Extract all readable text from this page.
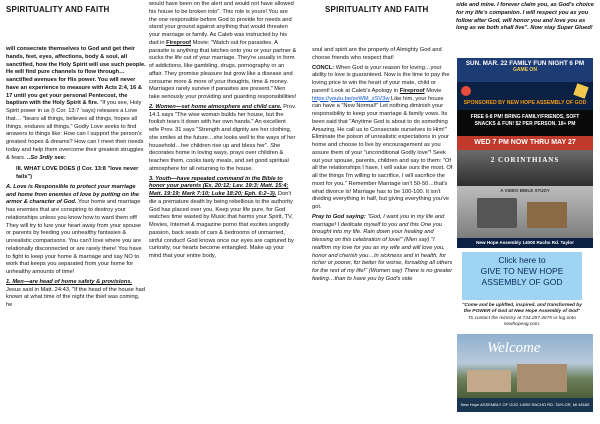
SPIRITUALITY AND FAITH	SPIRITUALITY AND FAITH

will consecrate themselves to God and get their hands, feet, eyes, affections, body & soul, all sanctified, how the Holy Spirit will use such people. He will find pure channels to flow through… sanctified avenues for His power. You will never have an experience to measure with Acts 2:4, 16 & 17 until you get your personal Pentecost, the baptism with the Holy Spirit & fire. "If you see, Holy Spirit power in us (I Cor. 13:7 'says) releases a Love that… "bears all things, believes all things, hopes all things, endures all things." Godly Love seeks to find answers to things like: How can I support the person's greatest hopes & dreams? How can I meet their needs today and help them overcome their greatest struggles & fears. ..So 3rdly see:

III. WHAT LOVE DOES (I Cor. 13:8 "love never fails")

A. Love is Responsible to protect your marriage and home from enemies of love by putting on the armor & character of God. Your home and marriage has enemies that are conspiring to destroy your relationships unless you know how to ward them off! They will try to lure your heart away from your spouse or parents by feeding you unhealthy fantasies & unrealistic comparisons. You can't love where you are relationally disconnected or are rarely there! You have to fight to keep your home & marriage and say NO to work that keeps you separated from your home for unhealthy amounts of time!

1. Men—are head of home safety & provisions. Jesus said in Matt. 24:43, "If the head of the house had known at what time of the night the thief was coming, he

would have been on the alert and would not have allowed his house to be broken into". This role is yours! You are the one responsible before God to provide for needs and stand your ground against anything that would threaten your marriage or family. As Caleb was instructed by his dad in Fireproof Movie: "Watch out for parasites. A parasite is anything that latches onto you or your partner & sucks the life out of your marriage. They're usually in form of addictions, like gambling, drugs, pornography or an affair. They promise pleasure but grow like a disease and consume more & more of your thoughts, time & money. Marriages rarely survive if parasites are present." Men take seriously your providing and guarding responsibilities!

2. Women—set home atmosphere and child care. Prov. 14:1 says "The wise woman builds her house, but the foolish tears it down with her own hands." An excellent wife Prov. 31 says "Strength and dignity are her clothing, she smiles at the future…she looks well to the ways of her household…her children rise up and bless her". She decorates home in loving ways, prays over children & teaches them, cooks tasty meals, and set good spiritual atmosphere for all returning to the house.

3. Youth—have repeated command in the Bible to honor your parents (Ex. 20:12; Lev. 19:3; Matt. 15:4; Matt. 19:19; Mark 7:10; Luke 18:20; Eph. 6:2–3). Don't die a premature death by being rebellious to the authority God has placed over you. Keep your life pure, for God watches time wasted by Music that harms your Spirit, TV, Movies, Internet & magazine porno that excites ungodly passion, back seats of cars & bedrooms of unmarried, sinful conduct! God knows once our eyes are captured by curiosity, our hearts become entangled. Make up your mind that your entire body,

soul and spirit are the property of Almighty God and choose friends who respect that!

CONCL: When God is your reason for loving…your ability to love is guaranteed. Now is the time to pay the loving price to win the heart of your mate, child or parent! Look at Caleb's Apology in Fireproof Movie https://youtu.be/pvWM_zSV3w Like him, your house can have a "New Normal!" Let nothing diminish your responsibility to keep your marriage & family vows. Its been said that "Anytime God is about to do something Amazing, He call us to Consecrate ourselves to Him!" Eliminate the poison of unrealistic expectations in your home and choose to live by encouragement as you assure them of your "unconditional Godly love"! Seek out your spouse, parents, children and say to them: "Of all the relationships I have, I will value ours the most. Of all the things I'm willing to sacrifice, I will sacrifice the most for you." Remember Marriage isn't 50-50…that's what divorce is! Marriage has to be 100-100. It isn't dividing everything in half, but giving everything you've got.

Pray to God saying: "God, I want you in my life and marriage! I dedicate myself to you and this One you brought into my life. Rain down your healing and blessing on this celebration of love!" (Men say) "I reaffirm my love for you as my wife and will love you, honor and cherish you…In sickness and in health, for richer or poorer, for better for worse, forsaking all others for the rest of my life!" (Women say) There is no greater feeling…than to have you by God's side

side and mine. I forever claim you, as God's choice for my life's companion. I will respect you as you follow after God, will honor you and love you as long as we both shall live". Now stay Super Glued!

SUN. MAR. 22 FAMILY FUN NIGHT 6 PM
GAME ON
SPONSORED BY NEW HOPE ASSEMBLY OF GOD
FREE 6-8 PM! BRING FAMILY/FRIENDS, SOFT SNACKS & FUN! $2 PER PERSON. 18+ PM
WED 7 PM NOW THRU MAY 27
2 CORINTHIANS
A VIDEO BIBLE STUDY
New Hope Assembly 14000 Racho Rd. Taylor
Click here to
GIVE TO NEW HOPE
ASSEMBLY OF GOD
"Come and be uplifted, inspired, and transformed by the POWER of God at New Hope Assembly of God"
To contact the ministry at 734.287.4675 or log onto newhopeag.com.
Welcome
New Hope ASSEMBLY OF GOD 14000 RACHO RD. TAYLOR, MI 48180
